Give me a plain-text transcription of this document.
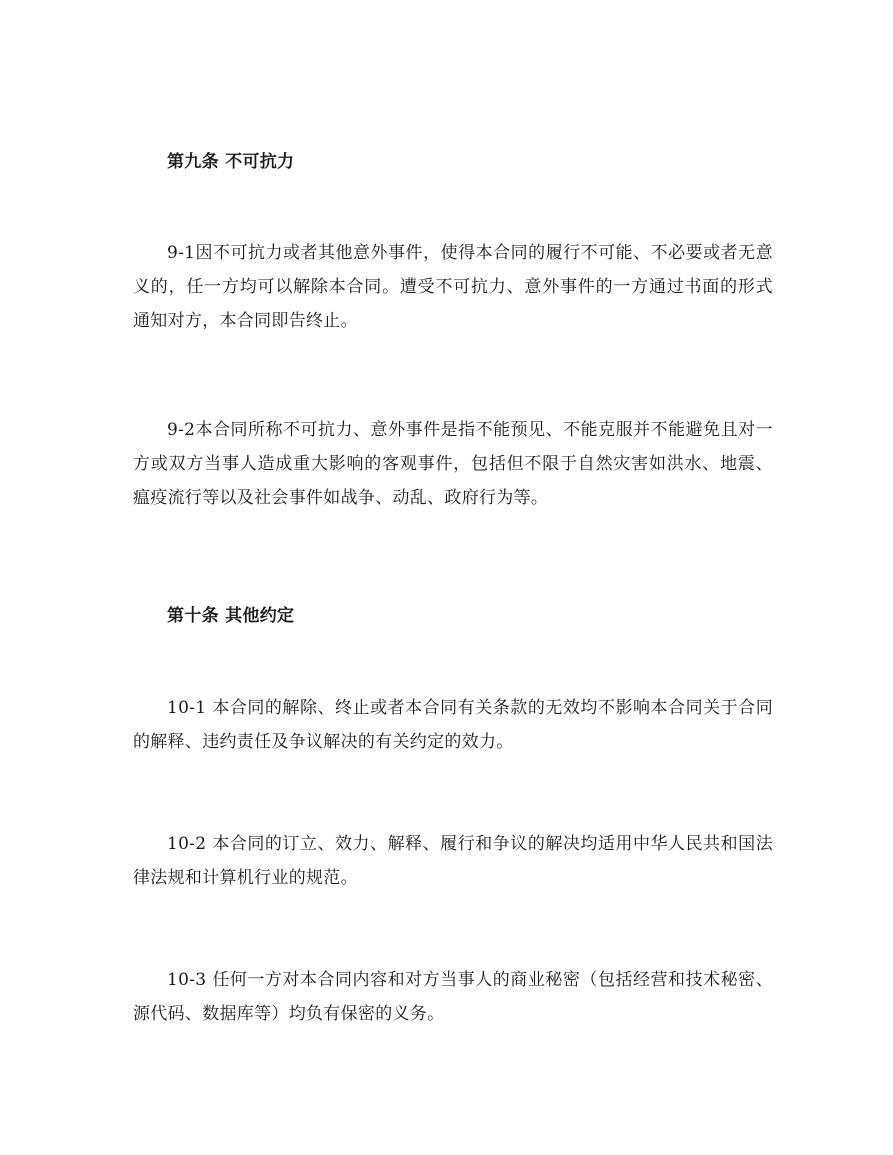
第九条 不可抗力

9-1因不可抗力或者其他意外事件，使得本合同的履行不可能、不必要或者无意义的，任一方均可以解除本合同。遭受不可抗力、意外事件的一方通过书面的形式通知对方，本合同即告终止。

9-2本合同所称不可抗力、意外事件是指不能预见、不能克服并不能避免且对一方或双方当事人造成重大影响的客观事件，包括但不限于自然灾害如洪水、地震、瘟疫流行等以及社会事件如战争、动乱、政府行为等。

第十条 其他约定

10-1 本合同的解除、终止或者本合同有关条款的无效均不影响本合同关于合同的解释、违约责任及争议解决的有关约定的效力。

10-2 本合同的订立、效力、解释、履行和争议的解决均适用中华人民共和国法律法规和计算机行业的规范。

10-3 任何一方对本合同内容和对方当事人的商业秘密（包括经营和技术秘密、源代码、数据库等）均负有保密的义务。
